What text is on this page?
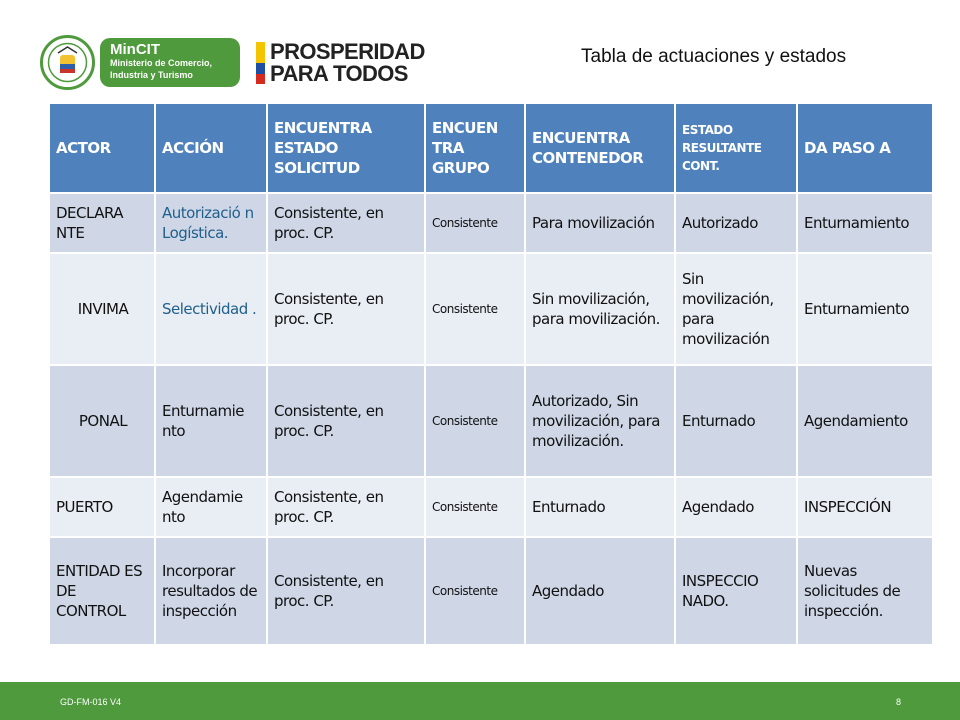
MinCIT
Ministerio de Comercio,
Industria y Turismo
PROSPERIDAD
PARA TODOS
Tabla de actuaciones y estados
ACTOR	ACCIÓN	ENCUENTRA ESTADO SOLICITUD	ENCUEN TRA GRUPO	ENCUENTRA CONTENEDOR	ESTADO RESULTANTE CONT.	DA PASO A
DECLARA NTE	Autorizació n Logística.	Consistente, en proc. CP.	Consistente	Para movilización	Autorizado	Enturnamiento
INVIMA	Selectividad .	Consistente, en proc. CP.	Consistente	Sin movilización, para movilización.	Sin movilización, para movilización	Enturnamiento
PONAL	Enturnamie nto	Consistente, en proc. CP.	Consistente	Autorizado, Sin movilización, para movilización.	Enturnado	Agendamiento
PUERTO	Agendamie nto	Consistente, en proc. CP.	Consistente	Enturnado	Agendado	INSPECCIÓN
ENTIDAD ES DE CONTROL	Incorporar resultados de inspección	Consistente, en proc. CP.	Consistente	Agendado	INSPECCIO NADO.	Nuevas solicitudes de inspección.
GD-FM-016 V4	8
